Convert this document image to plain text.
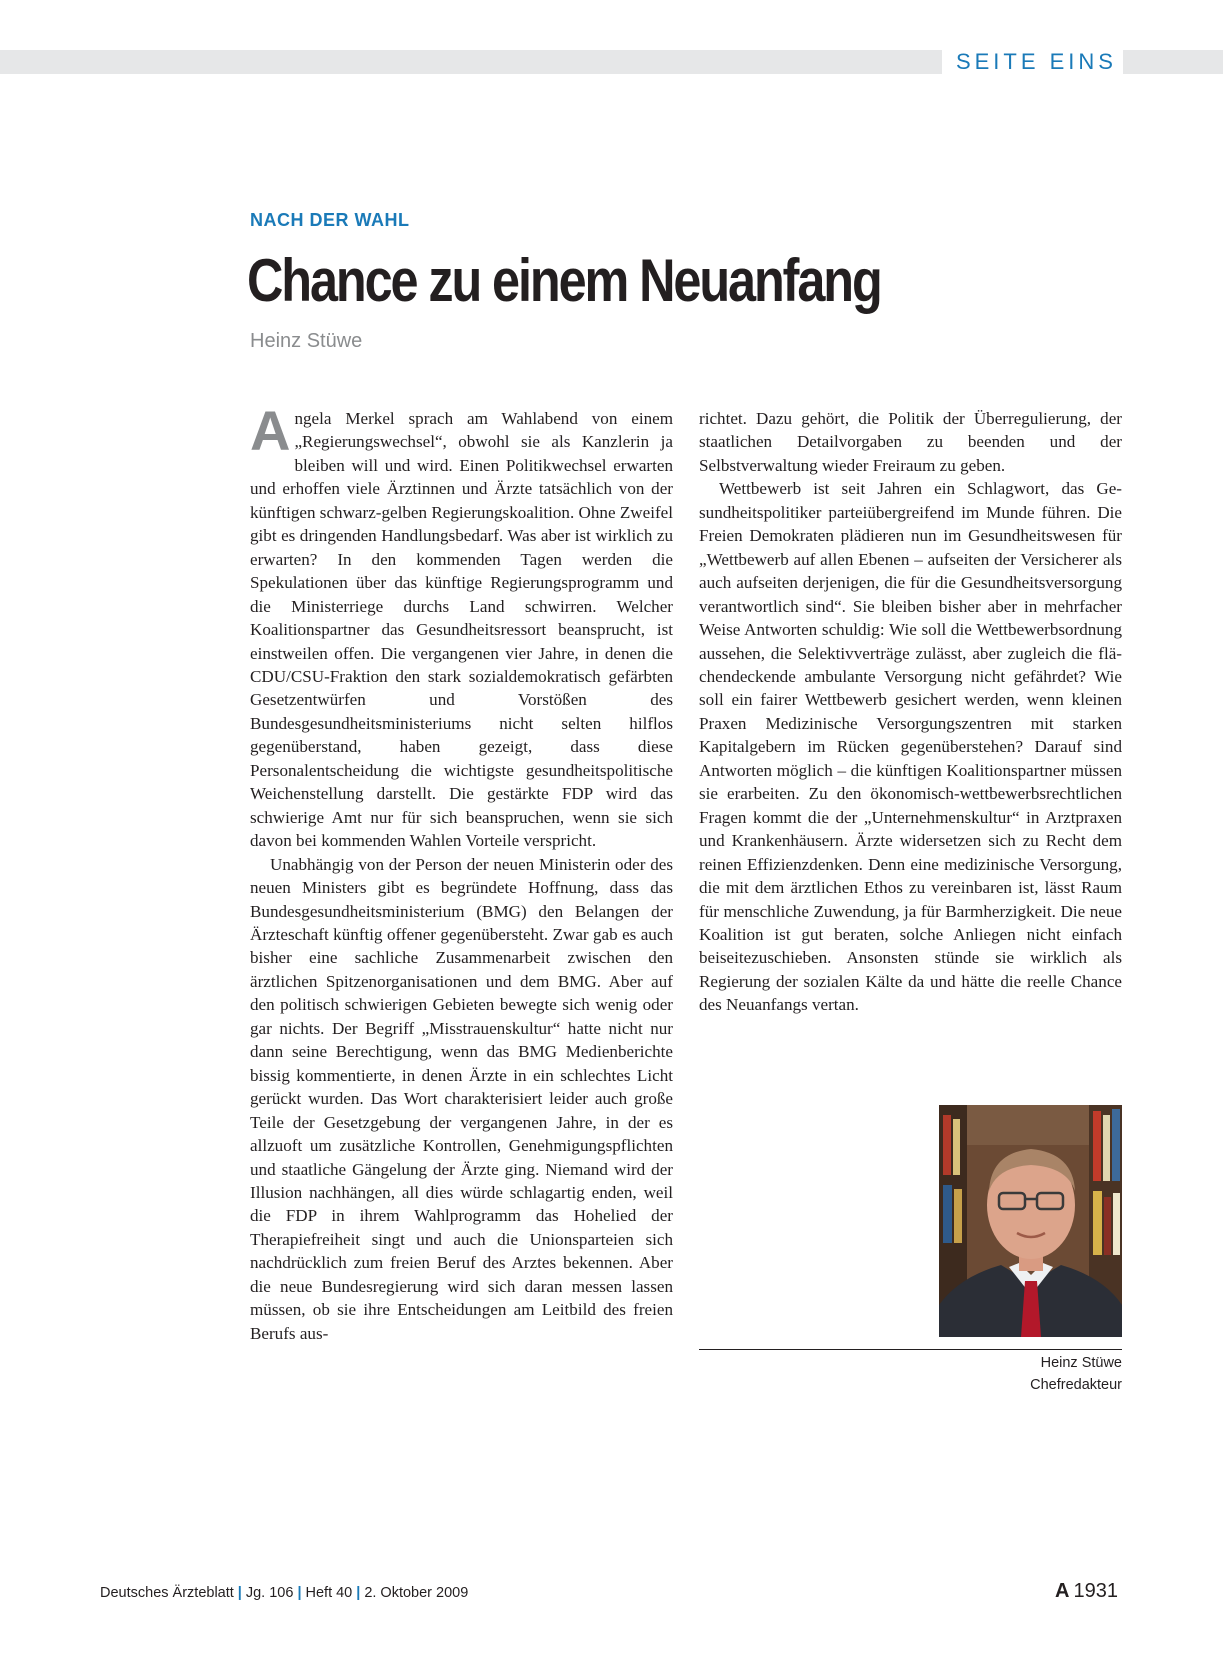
SEITE EINS
NACH DER WAHL
Chance zu einem Neuanfang
Heinz Stüwe

Angela Merkel sprach am Wahlabend von einem „Regierungswechsel“, obwohl sie als Kanzlerin ja bleiben will und wird. Einen Politikwechsel erwarten und erhoffen viele Ärztinnen und Ärzte tatsächlich von der künftigen schwarz-gelben Regierungskoalition. Ohne Zweifel gibt es dringenden Handlungsbedarf. Was aber ist wirklich zu erwarten? In den kommenden Tagen werden die Spekulationen über das künftige Regierungsprogramm und die Ministerriege durchs Land schwirren. Welcher Koalitionspartner das Gesundheitsressort beansprucht, ist einstweilen offen. Die vergangenen vier Jahre, in denen die CDU/CSU-Fraktion den stark sozialdemokratisch gefärbten Gesetzentwürfen und Vorstößen des Bundesgesundheitsministeriums nicht selten hilflos gegenüberstand, haben gezeigt, dass diese Personalentscheidung die wichtigste gesundheitspolitische Weichenstellung darstellt. Die gestärkte FDP wird das schwierige Amt nur für sich beanspruchen, wenn sie sich davon bei kommenden Wahlen Vorteile verspricht.

Unabhängig von der Person der neuen Ministerin oder des neuen Ministers gibt es begründete Hoffnung, dass das Bundesgesundheitsministerium (BMG) den Belangen der Ärzteschaft künftig offener gegenübersteht. Zwar gab es auch bisher eine sachliche Zusammenarbeit zwischen den ärztlichen Spitzenorganisationen und dem BMG. Aber auf den politisch schwierigen Gebieten bewegte sich wenig oder gar nichts. Der Begriff „Misstrauenskultur“ hatte nicht nur dann seine Berechtigung, wenn das BMG Medienberichte bissig kommentierte, in denen Ärzte in ein schlechtes Licht gerückt wurden. Das Wort charakterisiert leider auch große Teile der Gesetzgebung der vergangenen Jahre, in der es allzuoft um zusätzliche Kontrollen, Genehmigungspflichten und staatliche Gängelung der Ärzte ging. Niemand wird der Illusion nachhängen, all dies würde schlagartig enden, weil die FDP in ihrem Wahlprogramm das Hohelied der Therapiefreiheit singt und auch die Unionsparteien sich nachdrücklich zum freien Beruf des Arztes bekennen. Aber die neue Bundesregierung wird sich daran messen lassen müssen, ob sie ihre Entscheidungen am Leitbild des freien Berufs aus-

richtet. Dazu gehört, die Politik der Überregulierung, der staatlichen Detailvorgaben zu beenden und der Selbstverwaltung wieder Freiraum zu geben.

Wettbewerb ist seit Jahren ein Schlagwort, das Gesundheitspolitiker parteiübergreifend im Munde führen. Die Freien Demokraten plädieren nun im Gesundheitswesen für „Wettbewerb auf allen Ebenen – aufseiten der Versicherer als auch aufseiten derjenigen, die für die Gesundheitsversorgung verantwortlich sind“. Sie bleiben bisher aber in mehrfacher Weise Antworten schuldig: Wie soll die Wettbewerbsordnung aussehen, die Selektivverträge zulässt, aber zugleich die flächendeckende ambulante Versorgung nicht gefährdet? Wie soll ein fairer Wettbewerb gesichert werden, wenn kleinen Praxen Medizinische Versorgungszentren mit starken Kapitalgebern im Rücken gegenüberstehen? Darauf sind Antworten möglich – die künftigen Koalitionspartner müssen sie erarbeiten. Zu den ökonomisch-wettbewerbsrechtlichen Fragen kommt die der „Unternehmenskultur“ in Arztpraxen und Krankenhäusern. Ärzte widersetzen sich zu Recht dem reinen Effizienzdenken. Denn eine medizinische Versorgung, die mit dem ärztlichen Ethos zu vereinbaren ist, lässt Raum für menschliche Zuwendung, ja für Barmherzigkeit. Die neue Koalition ist gut beraten, solche Anliegen nicht einfach beiseitezuschieben. Ansonsten stünde sie wirklich als Regierung der sozialen Kälte da und hätte die reelle Chance des Neuanfangs vertan.

Heinz Stüwe
Chefredakteur
Deutsches Ärzteblatt | Jg. 106 | Heft 40 | 2. Oktober 2009	A 1931
